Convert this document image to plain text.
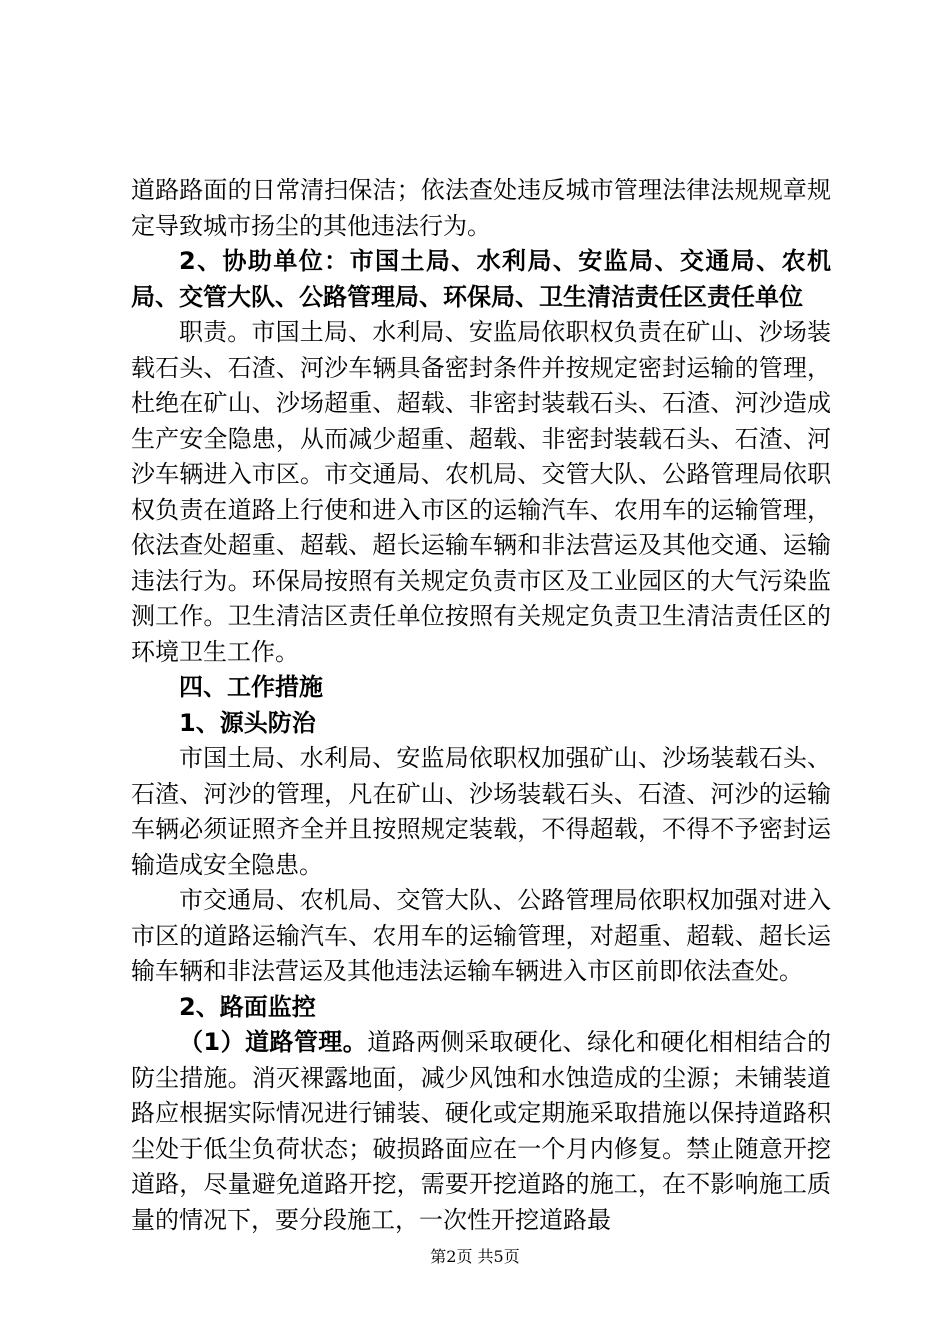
道路路面的日常清扫保洁；依法查处违反城市管理法律法规规章规定导致城市扬尘的其他违法行为。

2、协助单位：市国土局、水利局、安监局、交通局、农机局、交管大队、公路管理局、环保局、卫生清洁责任区责任单位

职责。市国土局、水利局、安监局依职权负责在矿山、沙场装载石头、石渣、河沙车辆具备密封条件并按规定密封运输的管理，杜绝在矿山、沙场超重、超载、非密封装载石头、石渣、河沙造成生产安全隐患，从而减少超重、超载、非密封装载石头、石渣、河沙车辆进入市区。市交通局、农机局、交管大队、公路管理局依职权负责在道路上行使和进入市区的运输汽车、农用车的运输管理，依法查处超重、超载、超长运输车辆和非法营运及其他交通、运输违法行为。环保局按照有关规定负责市区及工业园区的大气污染监测工作。卫生清洁区责任单位按照有关规定负责卫生清洁责任区的环境卫生工作。

四、工作措施

1、源头防治

市国土局、水利局、安监局依职权加强矿山、沙场装载石头、石渣、河沙的管理，凡在矿山、沙场装载石头、石渣、河沙的运输车辆必须证照齐全并且按照规定装载，不得超载，不得不予密封运输造成安全隐患。

市交通局、农机局、交管大队、公路管理局依职权加强对进入市区的道路运输汽车、农用车的运输管理，对超重、超载、超长运输车辆和非法营运及其他违法运输车辆进入市区前即依法查处。

2、路面监控

（1）道路管理。道路两侧采取硬化、绿化和硬化相相结合的防尘措施。消灭裸露地面，减少风蚀和水蚀造成的尘源；未铺装道路应根据实际情况进行铺装、硬化或定期施采取措施以保持道路积尘处于低尘负荷状态；破损路面应在一个月内修复。禁止随意开挖道路，尽量避免道路开挖，需要开挖道路的施工，在不影响施工质量的情况下，要分段施工，一次性开挖道路最

第2页 共5页
